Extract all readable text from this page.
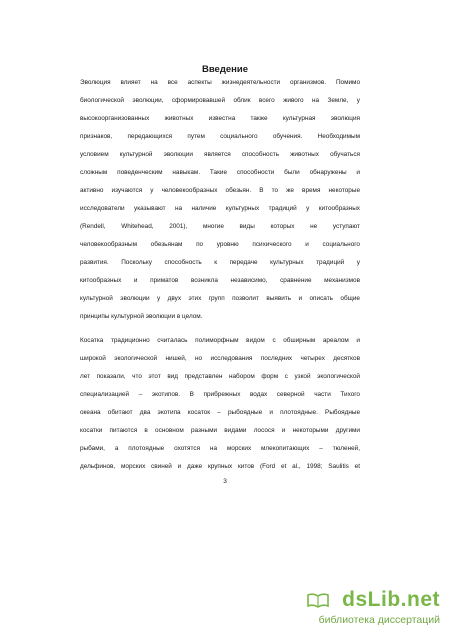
Введение
Эволюция влияет на все аспекты жизнедеятельности организмов. Помимо
биологической эволюции, сформировавшей облик всего живого на Земле, у
высокоорганизованных животных известна также культурная эволюция
признаков, передающихся путем социального обучения. Необходимым
условием культурной эволюции является способность животных обучаться
сложным поведенческим навыкам. Такие способности были обнаружены и
активно изучаются у человекообразных обезьян. В то же время некоторые
исследователи указывают на наличие культурных традиций у китообразных
(Rendell, Whitehead, 2001), многие виды которых не уступают
человекообразным обезьянам по уровню психического и социального
развития. Поскольку способность к передаче культурных традиций у
китообразных и приматов возникла независимо, сравнение механизмов
культурной эволюции у двух этих групп позволит выявить и описать общие
принципы культурной эволюции в целом.
Косатка традиционно считалась полиморфным видом с обширным ареалом и
широкой экологической нишей, но исследования последних четырех десятков
лет показали, что этот вид представлен набором форм с узкой экологической
специализацией – экотипов. В прибрежных водах северной части Тихого
океана обитают два экотипа косаток – рыбоядные и плотоядные. Рыбоядные
косатки питаются в основном разными видами лосося и некоторыми другими
рыбами, а плотоядные охотятся на морских млекопитающих – тюленей,
дельфинов, морских свиней и даже крупных китов (Ford et al., 1998; Saulitis et
3
dsLib.net
библиотека диссертаций
